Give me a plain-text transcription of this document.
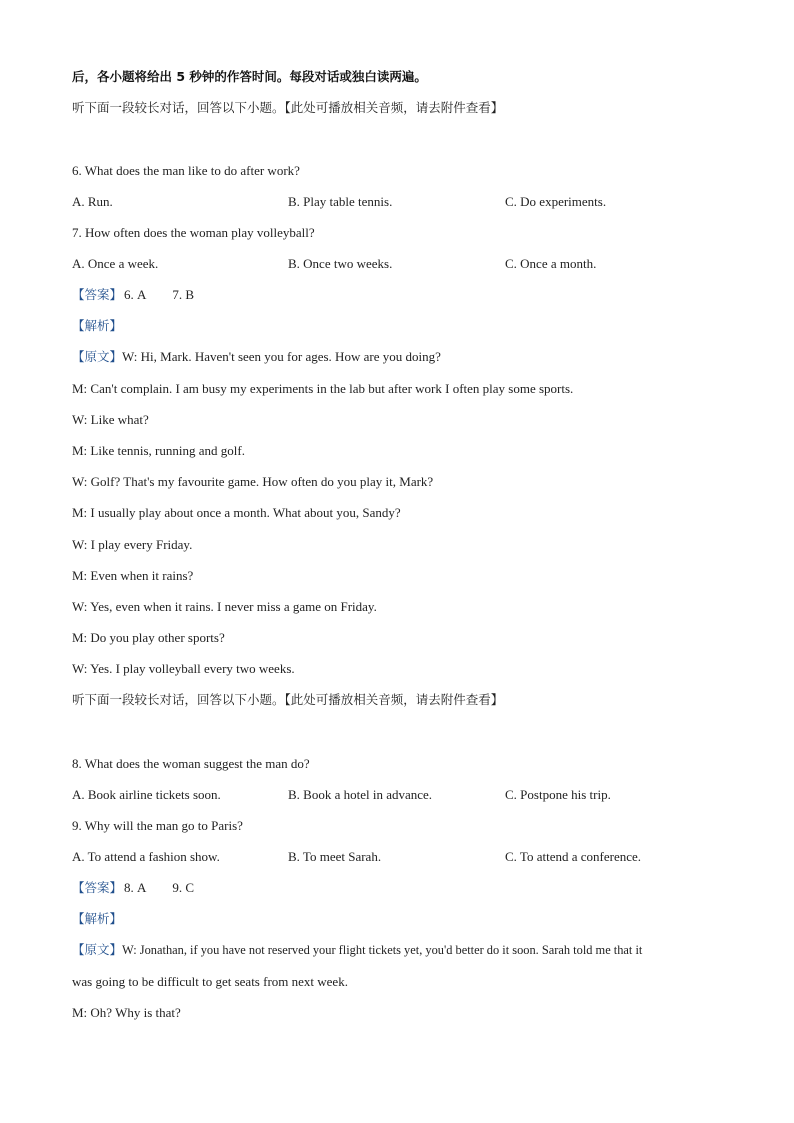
后，各小题将给出 5 秒钟的作答时间。每段对话或独白读两遍。
听下面一段较长对话，回答以下小题。【此处可播放相关音频，请去附件查看】
6. What does the man like to do after work?
A. Run.	B. Play table tennis.	C. Do experiments.
7. How often does the woman play volleyball?
A. Once a week.	B. Once two weeks.	C. Once a month.
【答案】 6. A 7. B
【解析】
【原文】W: Hi, Mark. Haven't seen you for ages. How are you doing?
M: Can't complain. I am busy my experiments in the lab but after work I often play some sports.
W: Like what?
M: Like tennis, running and golf.
W: Golf? That's my favourite game. How often do you play it, Mark?
M: I usually play about once a month. What about you, Sandy?
W: I play every Friday.
M: Even when it rains?
W: Yes, even when it rains. I never miss a game on Friday.
M: Do you play other sports?
W: Yes. I play volleyball every two weeks.
听下面一段较长对话，回答以下小题。【此处可播放相关音频，请去附件查看】
8. What does the woman suggest the man do?
A. Book airline tickets soon.	B. Book a hotel in advance.	C. Postpone his trip.
9. Why will the man go to Paris?
A. To attend a fashion show.	B. To meet Sarah.	C. To attend a conference.
【答案】 8. A 9. C
【解析】
【原文】W: Jonathan, if you have not reserved your flight tickets yet, you'd better do it soon. Sarah told me that it
was going to be difficult to get seats from next week.
M: Oh? Why is that?
